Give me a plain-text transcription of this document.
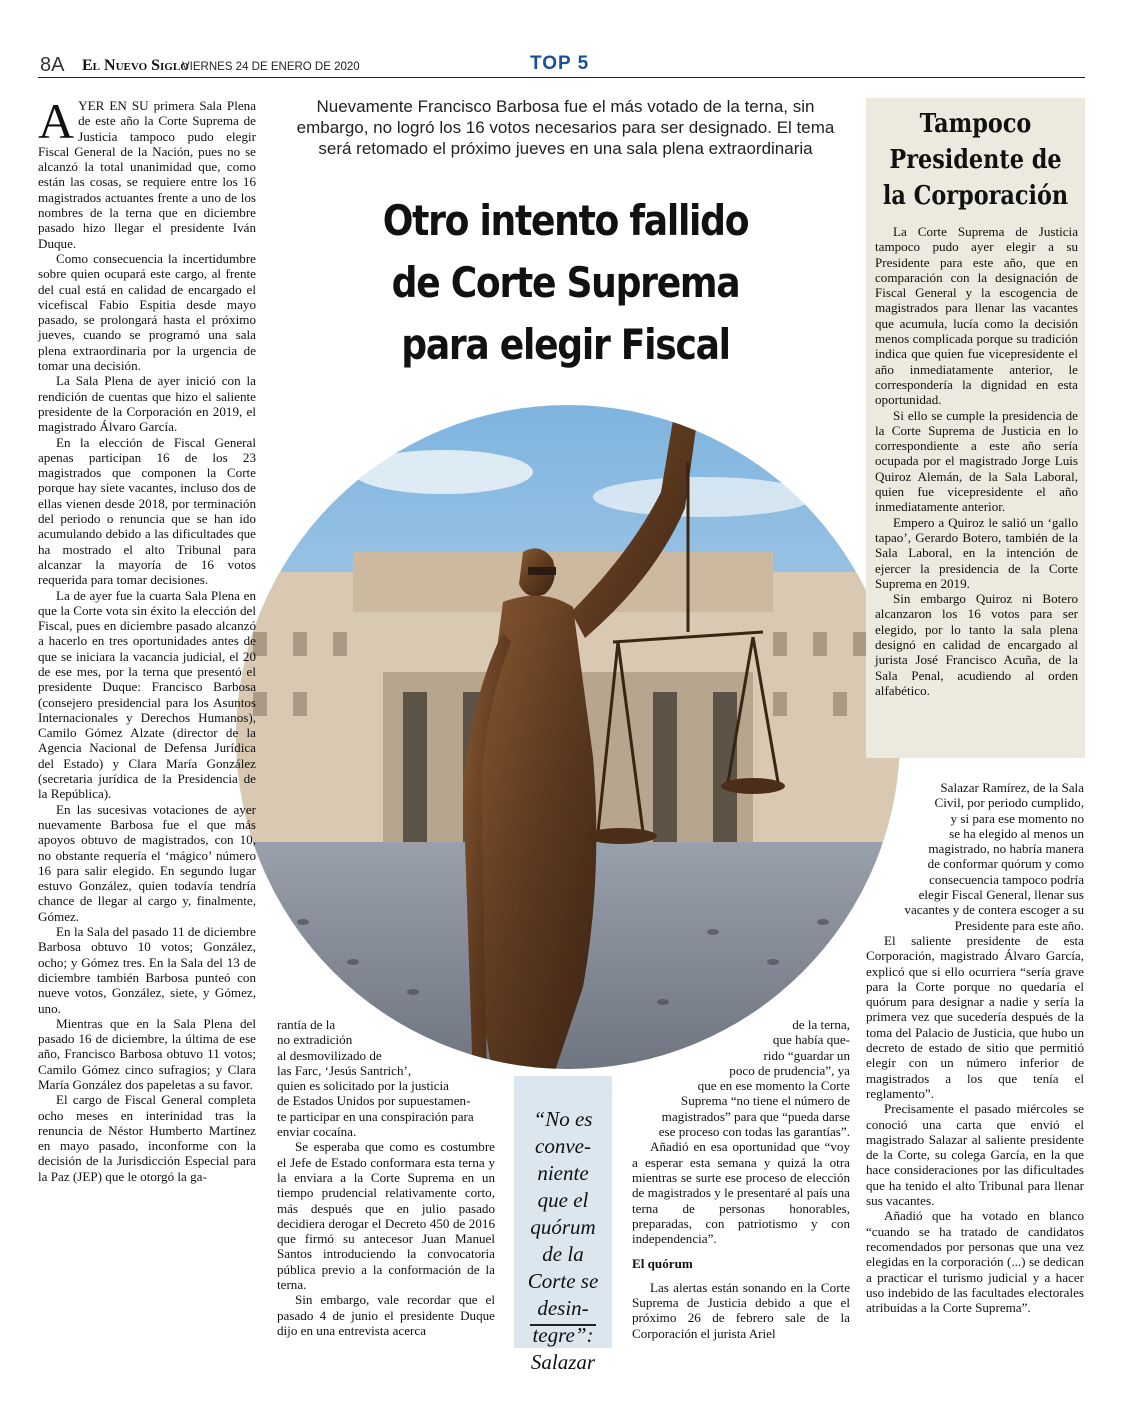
8A El Nuevo Siglo
VIERNES 24 DE ENERO DE 2020	TOP 5
Nuevamente Francisco Barbosa fue el más votado de la terna, sin embargo, no logró los 16 votos necesarios para ser designado. El tema será retomado el próximo jueves en una sala plena extraordinaria
Otro intento fallido
de Corte Suprema
para elegir Fiscal

AYER EN SU primera Sala Plena de este año la Corte Suprema de Justicia tampoco pudo elegir Fiscal General de la Nación, pues no se alcanzó la total unanimidad que, como están las cosas, se requiere entre los 16 magistrados actuantes frente a uno de los nombres de la terna que en diciembre pasado hizo llegar el presidente Iván Duque.

Como consecuencia la incertidumbre sobre quien ocupará este cargo, al frente del cual está en calidad de encargado el vicefiscal Fabio Espitia desde mayo pasado, se prolongará hasta el próximo jueves, cuando se programó una sala plena extraordinaria por la urgencia de tomar una decisión.

La Sala Plena de ayer inició con la rendición de cuentas que hizo el saliente presidente de la Corporación en 2019, el magistrado Álvaro García.

En la elección de Fiscal General apenas participan 16 de los 23 magistrados que componen la Corte porque hay siete vacantes, incluso dos de ellas vienen desde 2018, por terminación del periodo o renuncia que se han ido acumulando debido a las dificultades que ha mostrado el alto Tribunal para alcanzar la mayoría de 16 votos requerida para tomar decisiones.

La de ayer fue la cuarta Sala Plena en que la Corte vota sin éxito la elección del Fiscal, pues en diciembre pasado alcanzó a hacerlo en tres oportunidades antes de que se iniciara la vacancia judicial, el 20 de ese mes, por la terna que presentó el presidente Duque: Francisco Barbosa (consejero presidencial para los Asuntos Internacionales y Derechos Humanos), Camilo Gómez Alzate (director de la Agencia Nacional de Defensa Jurídica del Estado) y Clara María González (secretaria jurídica de la Presidencia de la República).

En las sucesivas votaciones de ayer nuevamente Barbosa fue el que más apoyos obtuvo de magistrados, con 10, no obstante requería el ‘mágico’ número 16 para salir elegido. En segundo lugar estuvo González, quien todavía tendría chance de llegar al cargo y, finalmente, Gómez.

En la Sala del pasado 11 de diciembre Barbosa obtuvo 10 votos; González, ocho; y Gómez tres. En la Sala del 13 de diciembre también Barbosa punteó con nueve votos, González, siete, y Gómez, uno.

Mientras que en la Sala Plena del pasado 16 de diciembre, la última de ese año, Francisco Barbosa obtuvo 11 votos; Camilo Gómez cinco sufragios; y Clara María González dos papeletas a su favor.

El cargo de Fiscal General completa ocho meses en interinidad tras la renuncia de Néstor Humberto Martínez en mayo pasado, inconforme con la decisión de la Jurisdicción Especial para la Paz (JEP) que le otorgó la ga-

rantía de la
no extradición
al desmovilizado de
las Farc, ‘Jesús Santrich’,
quien es solicitado por la justicia
de Estados Unidos por supuestamen-
te participar en una conspiración para
enviar cocaína.

Se esperaba que como es costumbre el Jefe de Estado conformara esta terna y la enviara a la Corte Suprema en un tiempo prudencial relativamente corto, más después que en julio pasado decidiera derogar el Decreto 450 de 2016 que firmó su antecesor Juan Manuel Santos introduciendo la convocatoria pública previo a la conformación de la terna.

Sin embargo, vale recordar que el pasado 4 de junio el presidente Duque dijo en una entrevista acerca

“No es conve-niente que el quórum de la Corte se desin-tegre”: Salazar
de la terna,
que había que-
rido “guardar un
poco de prudencia”, ya
que en ese momento la Corte
Suprema “no tiene el número de
magistrados” para que “pueda darse
ese proceso con todas las garantías”.

Añadió en esa oportunidad que “voy a esperar esta semana y quizá la otra mientras se surte ese proceso de elección de magistrados y le presentaré al país una terna de personas honorables, preparadas, con patriotismo y con independencia”.

El quórum

Las alertas están sonando en la Corte Suprema de Justicia debido a que el próximo 26 de febrero sale de la Corporación el jurista Ariel

Salazar Ramírez, de la Sala
Civil, por periodo cumplido,
y si para ese momento no
se ha elegido al menos un
magistrado, no habría manera
de conformar quórum y como
consecuencia tampoco podría
elegir Fiscal General, llenar sus
vacantes y de contera escoger a su
Presidente para este año.

El saliente presidente de esta Corporación, magistrado Álvaro García, explicó que si ello ocurriera “sería grave para la Corte porque no quedaría el quórum para designar a nadie y sería la primera vez que sucedería después de la toma del Palacio de Justicia, que hubo un decreto de estado de sitio que permitió elegir con un número inferior de magistrados a los que tenía el reglamento”.

Precisamente el pasado miércoles se conoció una carta que envió el magistrado Salazar al saliente presidente de la Corte, su colega García, en la que hace consideraciones por las dificultades que ha tenido el alto Tribunal para llenar sus vacantes.

Añadió que ha votado en blanco “cuando se ha tratado de candidatos recomendados por personas que una vez elegidas en la corporación (...) se dedican a practicar el turismo judicial y a hacer uso indebido de las facultades electorales atribuidas a la Corte Suprema”.

Tampoco
Presidente de
la Corporación

La Corte Suprema de Justicia tampoco pudo ayer elegir a su Presidente para este año, que en comparación con la designación de Fiscal General y la escogencia de magistrados para llenar las vacantes que acumula, lucía como la decisión menos complicada porque su tradición indica que quien fue vicepresidente el año inmediatamente anterior, le correspondería la dignidad en esta oportunidad.

Si ello se cumple la presidencia de la Corte Suprema de Justicia en lo correspondiente a este año sería ocupada por el magistrado Jorge Luis Quiroz Alemán, de la Sala Laboral, quien fue vicepresidente el año inmediatamente anterior.

Empero a Quiroz le salió un ‘gallo tapao’, Gerardo Botero, también de la Sala Laboral, en la intención de ejercer la presidencia de la Corte Suprema en 2019.

Sin embargo Quiroz ni Botero alcanzaron los 16 votos para ser elegido, por lo tanto la sala plena designó en calidad de encargado al jurista José Francisco Acuña, de la Sala Penal, acudiendo al orden alfabético.
